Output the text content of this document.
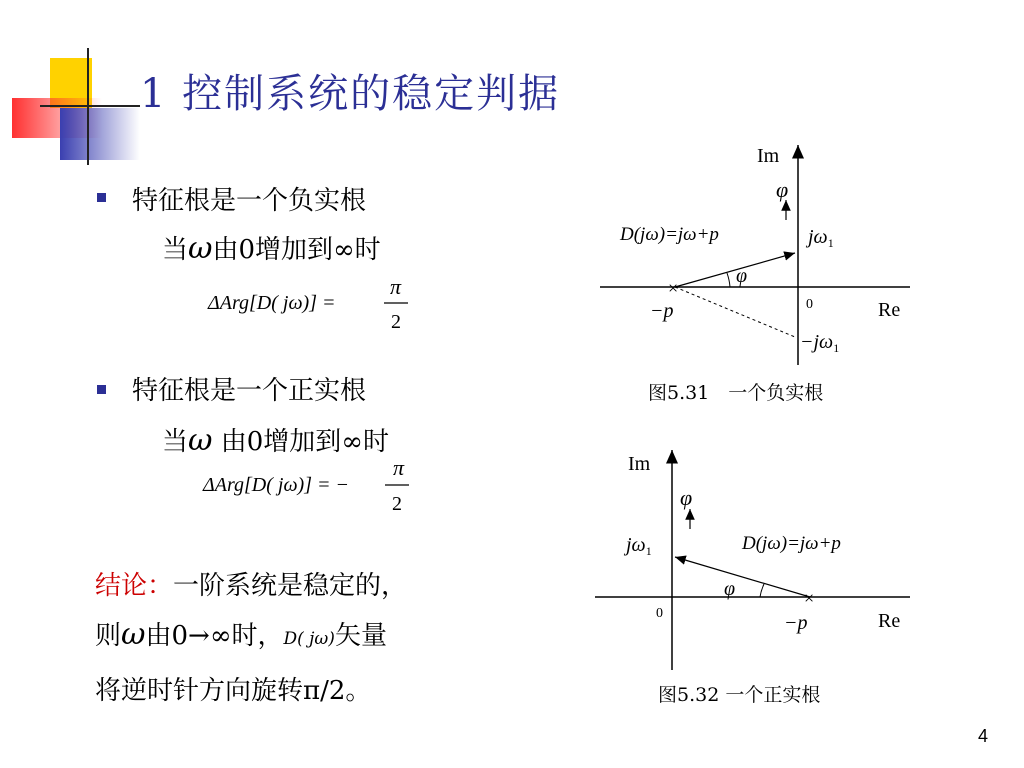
1 控制系统的稳定判据
特征根是一个负实根
当ω由0增加到∞时
ΔArg[D( jω)] =
π
2
特征根是一个正实根
当ω 由0增加到∞时
ΔArg[D( jω)] = −
π
2
结论：一阶系统是稳定的，
则ω由0→∞时，D( jω)矢量
将逆时针方向旋转π/2。
Im
Re
0
φ
D(jω)=jω+p	$j\omega_1$
$-j\omega_1$
φ
×
−p
图5.31　一个负实根
Im
Re
0
φ
$j\omega_1$	D(jω)=jω+p
φ	×
−p
图5.32 一个正实根
4
